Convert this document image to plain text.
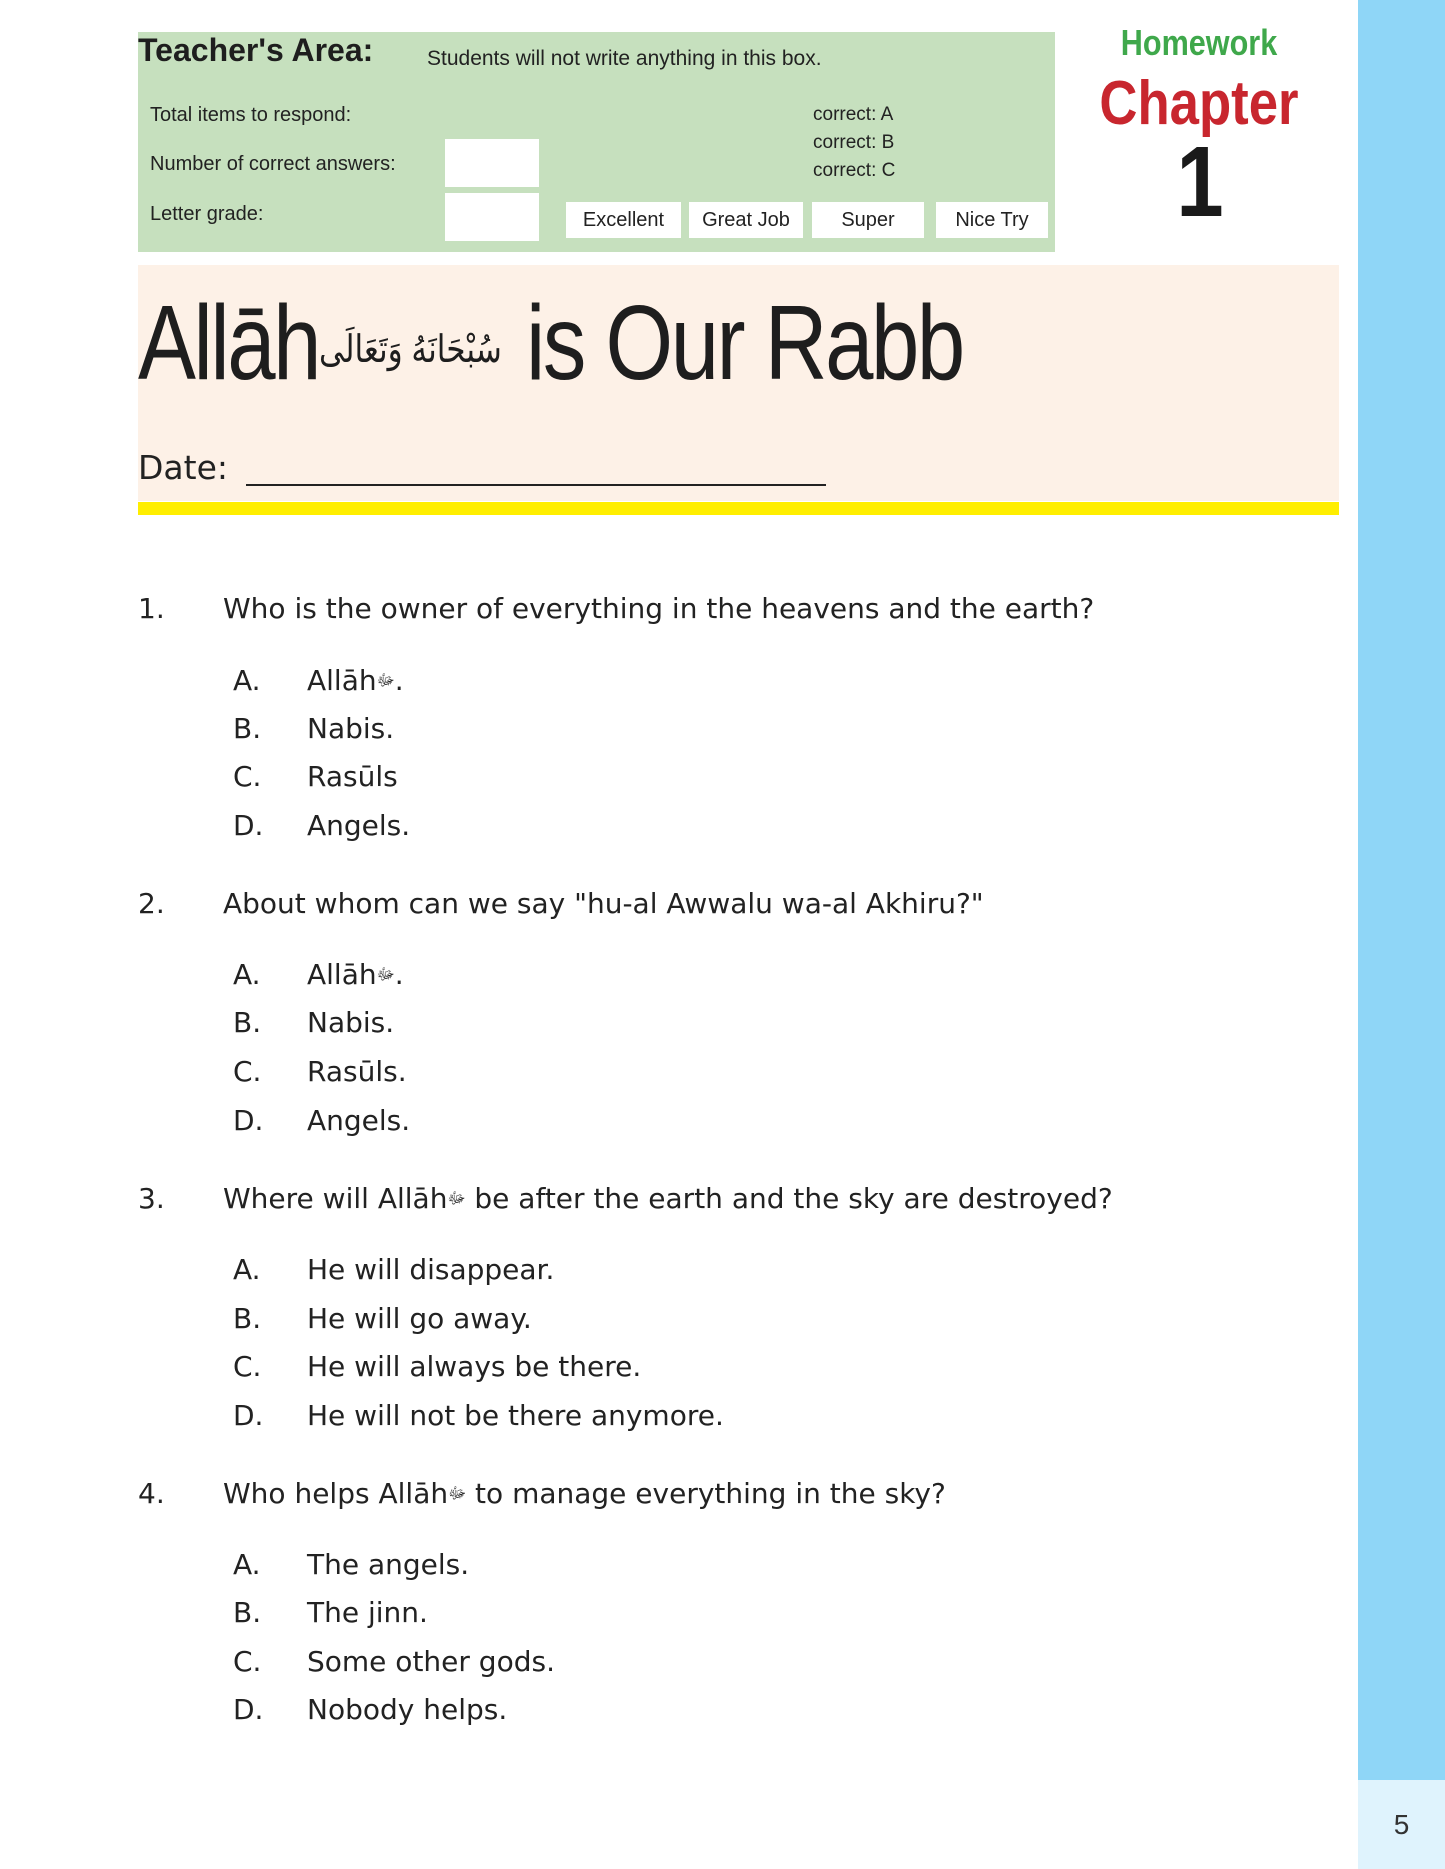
5
Teacher's Area:	Students will not write anything in this box.
Total items to respond:
Number of correct answers:
Letter grade:
correct: A
correct: B
correct: C
Excellent	Great Job	Super	Nice Try
Homework
Chapter
1
Allāhسُبْحَانَهُ وَتَعَالَى is Our Rabb
Date:
1. Who is the owner of everything in the heavens and the earth?
A. Allāhﷻ.
B. Nabis.
C. Rasūls
D. Angels.
2. About whom can we say "hu-al Awwalu wa-al Akhiru?"
A. Allāhﷻ.
B. Nabis.
C. Rasūls.
D. Angels.
3. Where will Allāhﷻ be after the earth and the sky are destroyed?
A. He will disappear.
B. He will go away.
C. He will always be there.
D. He will not be there anymore.
4. Who helps Allāhﷻ to manage everything in the sky?
A. The angels.
B. The jinn.
C. Some other gods.
D. Nobody helps.
